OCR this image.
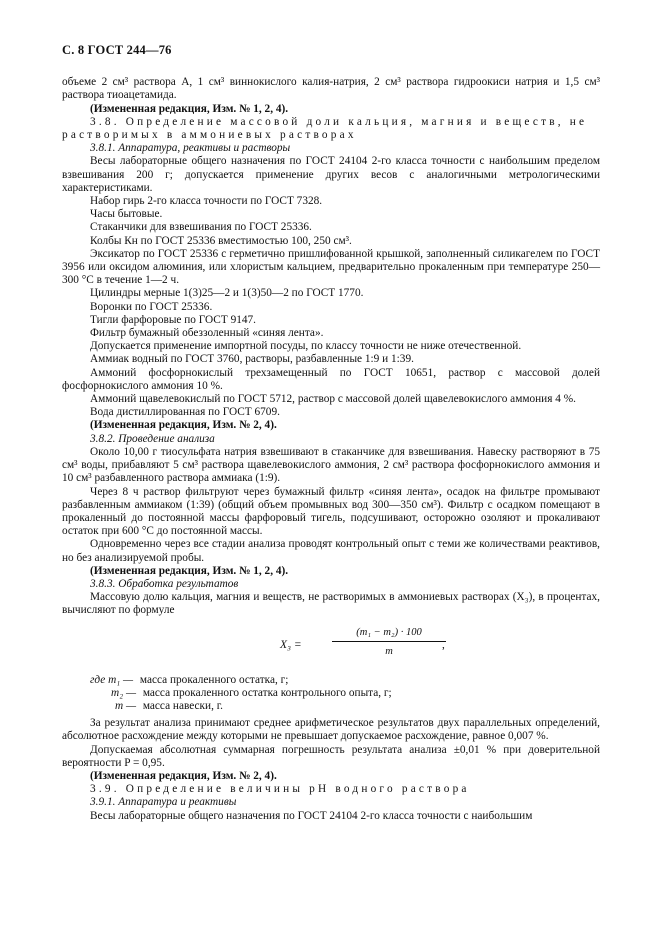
С. 8 ГОСТ 244—76

объеме 2 см³ раствора А, 1 см³ виннокислого калия-натрия, 2 см³ раствора гидроокиси натрия и 1,5 см³ раствора тиоацетамида.

(Измененная редакция, Изм. № 1, 2, 4).

3.8. Определение массовой доли кальция, магния и веществ, не растворимых в аммониевых растворах

3.8.1. Аппаратура, реактивы и растворы

Весы лабораторные общего назначения по ГОСТ 24104 2-го класса точности с наибольшим пределом взвешивания 200 г; допускается применение других весов с аналогичными метрологическими характеристиками.

Набор гирь 2-го класса точности по ГОСТ 7328.

Часы бытовые.

Стаканчики для взвешивания по ГОСТ 25336.

Колбы Кн по ГОСТ 25336 вместимостью 100, 250 см³.

Эксикатор по ГОСТ 25336 с герметично пришлифованной крышкой, заполненный силикагелем по ГОСТ 3956 или оксидом алюминия, или хлористым кальцием, предварительно прокаленным при температуре 250—300 °С в течение 1—2 ч.

Цилиндры мерные 1(3)25—2 и 1(3)50—2 по ГОСТ 1770.

Воронки по ГОСТ 25336.

Тигли фарфоровые по ГОСТ 9147.

Фильтр бумажный обеззоленный «синяя лента».

Допускается применение импортной посуды, по классу точности не ниже отечественной.

Аммиак водный по ГОСТ 3760, растворы, разбавленные 1:9 и 1:39.

Аммоний фосфорнокислый трехзамещенный по ГОСТ 10651, раствор с массовой долей фосфорнокислого аммония 10 %.

Аммоний щавелевокислый по ГОСТ 5712, раствор с массовой долей щавелевокислого аммония 4 %.

Вода дистиллированная по ГОСТ 6709.

(Измененная редакция, Изм. № 2, 4).

3.8.2. Проведение анализа

Около 10,00 г тиосульфата натрия взвешивают в стаканчике для взвешивания. Навеску растворяют в 75 см³ воды, прибавляют 5 см³ раствора щавелевокислого аммония, 2 см³ раствора фосфорнокислого аммония и 10 см³ разбавленного раствора аммиака (1:9).

Через 8 ч раствор фильтруют через бумажный фильтр «синяя лента», осадок на фильтре промывают разбавленным аммиаком (1:39) (общий объем промывных вод 300—350 см³). Фильтр с осадком помещают в прокаленный до постоянной массы фарфоровый тигель, подсушивают, осторожно озоляют и прокаливают остаток при 600 °С до постоянной массы.

Одновременно через все стадии анализа проводят контрольный опыт с теми же количествами реактивов, но без анализируемой пробы.

(Измененная редакция, Изм. № 1, 2, 4).

3.8.3. Обработка результатов

Массовую долю кальция, магния и веществ, не растворимых в аммониевых растворах (X₃), в процентах, вычисляют по формуле

X₃ =
(m₁ − m₂) · 100
m
,
где m₁ — масса прокаленного остатка, г;
m₂ — масса прокаленного остатка контрольного опыта, г;
m — масса навески, г.

За результат анализа принимают среднее арифметическое результатов двух параллельных определений, абсолютное расхождение между которыми не превышает допускаемое расхождение, равное 0,007 %.

Допускаемая абсолютная суммарная погрешность результата анализа ±0,01 % при доверительной вероятности P = 0,95.

(Измененная редакция, Изм. № 2, 4).

3.9. Определение величины pH водного раствора

3.9.1. Аппаратура и реактивы

Весы лабораторные общего назначения по ГОСТ 24104 2-го класса точности с наибольшим
